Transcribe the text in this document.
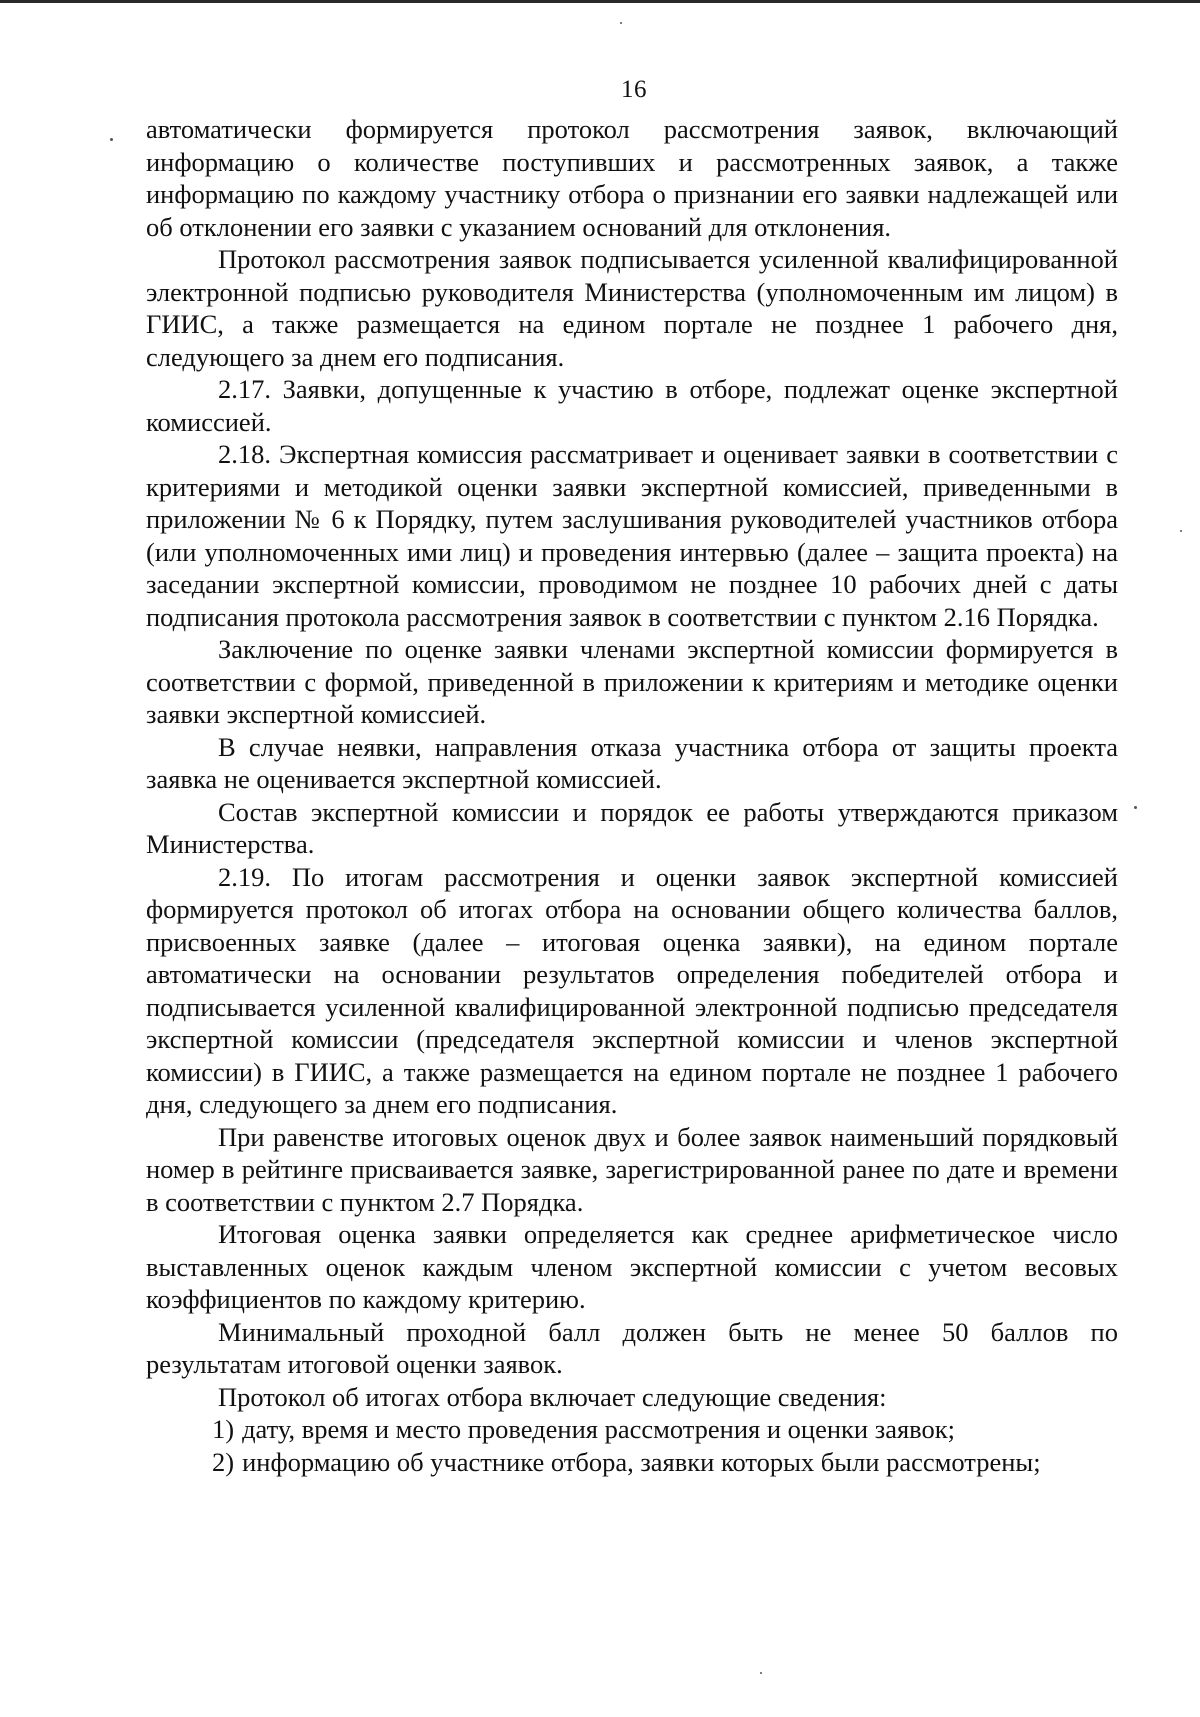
16

автоматически формируется протокол рассмотрения заявок, включающий информацию о количестве поступивших и рассмотренных заявок, а также информацию по каждому участнику отбора о признании его заявки надлежащей или об отклонении его заявки с указанием оснований для отклонения.

Протокол рассмотрения заявок подписывается усиленной квалифицированной электронной подписью руководителя Министерства (уполномоченным им лицом) в ГИИС, а также размещается на едином портале не позднее 1 рабочего дня, следующего за днем его подписания.

2.17. Заявки, допущенные к участию в отборе, подлежат оценке экспертной комиссией.

2.18. Экспертная комиссия рассматривает и оценивает заявки в соответствии с критериями и методикой оценки заявки экспертной комиссией, приведенными в приложении № 6 к Порядку, путем заслушивания руководителей участников отбора (или уполномоченных ими лиц) и проведения интервью (далее – защита проекта) на заседании экспертной комиссии, проводимом не позднее 10 рабочих дней с даты подписания протокола рассмотрения заявок в соответствии с пунктом 2.16 Порядка.

Заключение по оценке заявки членами экспертной комиссии формируется в соответствии с формой, приведенной в приложении к критериям и методике оценки заявки экспертной комиссией.

В случае неявки, направления отказа участника отбора от защиты проекта заявка не оценивается экспертной комиссией.

Состав экспертной комиссии и порядок ее работы утверждаются приказом Министерства.

2.19. По итогам рассмотрения и оценки заявок экспертной комиссией формируется протокол об итогах отбора на основании общего количества баллов, присвоенных заявке (далее – итоговая оценка заявки), на едином портале автоматически на основании результатов определения победителей отбора и подписывается усиленной квалифицированной электронной подписью председателя экспертной комиссии (председателя экспертной комиссии и членов экспертной комиссии) в ГИИС, а также размещается на едином портале не позднее 1 рабочего дня, следующего за днем его подписания.

При равенстве итоговых оценок двух и более заявок наименьший порядковый номер в рейтинге присваивается заявке, зарегистрированной ранее по дате и времени в соответствии с пунктом 2.7 Порядка.

Итоговая оценка заявки определяется как среднее арифметическое число выставленных оценок каждым членом экспертной комиссии с учетом весовых коэффициентов по каждому критерию.

Минимальный проходной балл должен быть не менее 50 баллов по результатам итоговой оценки заявок.

Протокол об итогах отбора включает следующие сведения:

1) дату, время и место проведения рассмотрения и оценки заявок;

2) информацию об участнике отбора, заявки которых были рассмотрены;
